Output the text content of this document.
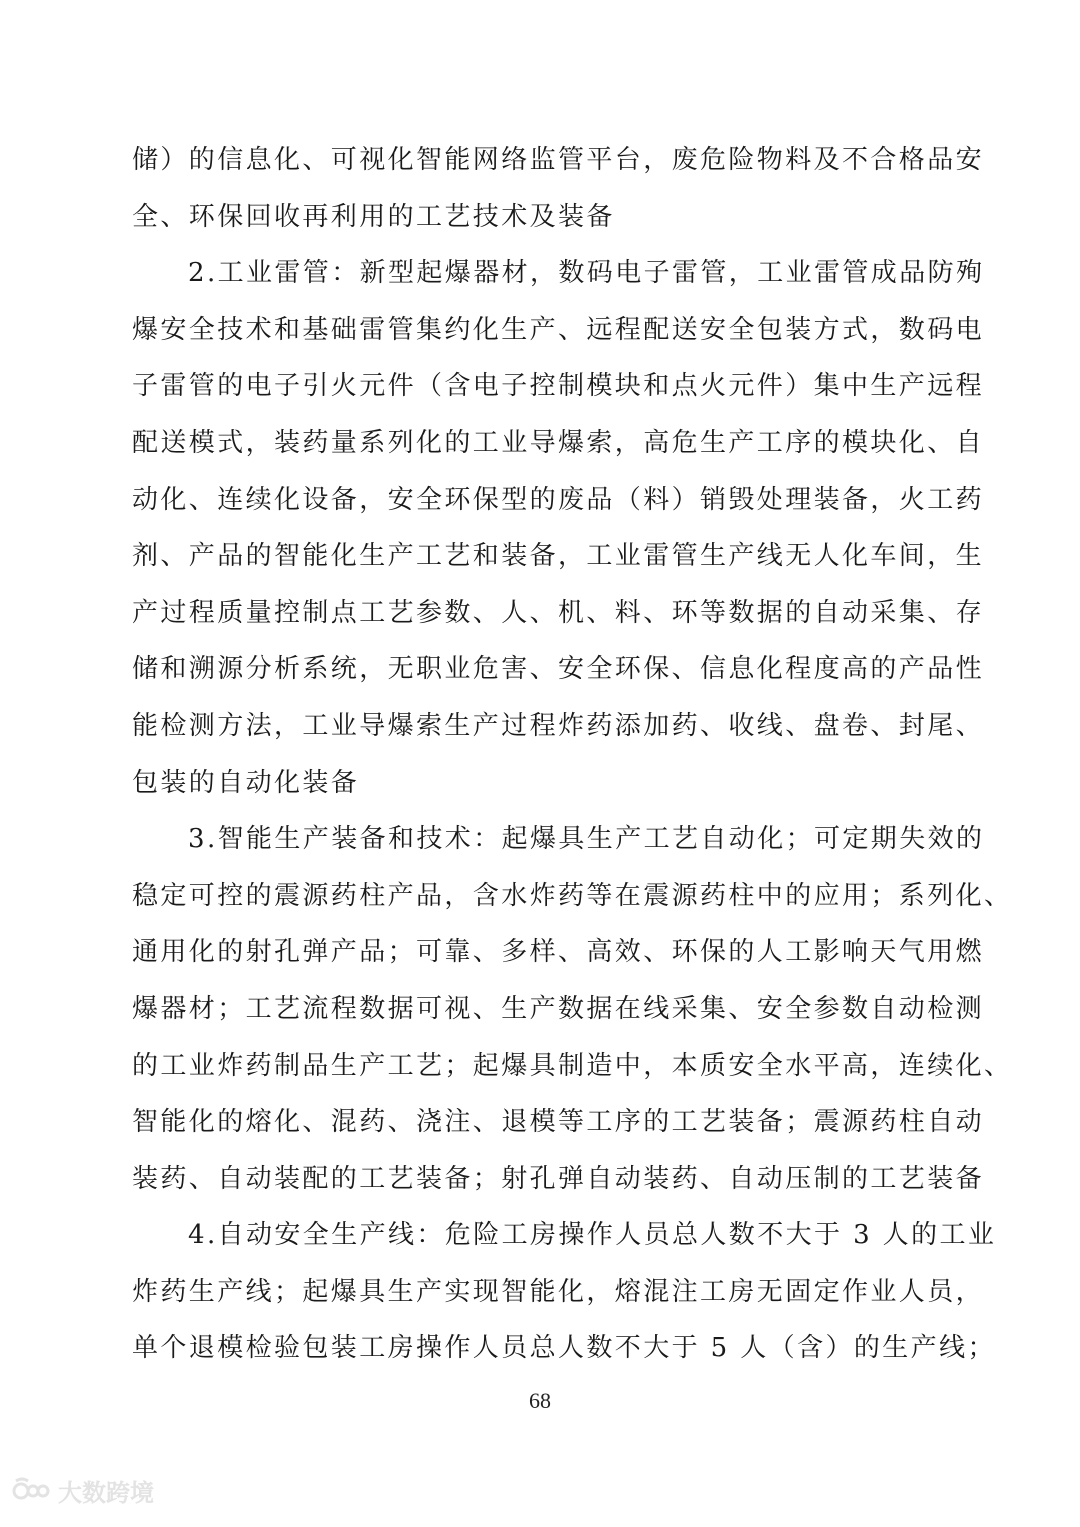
储）的信息化、可视化智能网络监管平台，废危险物料及不合格品安
全、环保回收再利用的工艺技术及装备
2.工业雷管：新型起爆器材，数码电子雷管，工业雷管成品防殉
爆安全技术和基础雷管集约化生产、远程配送安全包装方式，数码电
子雷管的电子引火元件（含电子控制模块和点火元件）集中生产远程
配送模式，装药量系列化的工业导爆索，高危生产工序的模块化、自
动化、连续化设备，安全环保型的废品（料）销毁处理装备，火工药
剂、产品的智能化生产工艺和装备，工业雷管生产线无人化车间，生
产过程质量控制点工艺参数、人、机、料、环等数据的自动采集、存
储和溯源分析系统，无职业危害、安全环保、信息化程度高的产品性
能检测方法，工业导爆索生产过程炸药添加药、收线、盘卷、封尾、
包装的自动化装备
3.智能生产装备和技术：起爆具生产工艺自动化；可定期失效的
稳定可控的震源药柱产品，含水炸药等在震源药柱中的应用；系列化、
通用化的射孔弹产品；可靠、多样、高效、环保的人工影响天气用燃
爆器材；工艺流程数据可视、生产数据在线采集、安全参数自动检测
的工业炸药制品生产工艺；起爆具制造中，本质安全水平高，连续化、
智能化的熔化、混药、浇注、退模等工序的工艺装备；震源药柱自动
装药、自动装配的工艺装备；射孔弹自动装药、自动压制的工艺装备
4.自动安全生产线：危险工房操作人员总人数不大于 3 人的工业
炸药生产线；起爆具生产实现智能化，熔混注工房无固定作业人员，
单个退模检验包装工房操作人员总人数不大于 5 人（含）的生产线；
68
大数跨境
